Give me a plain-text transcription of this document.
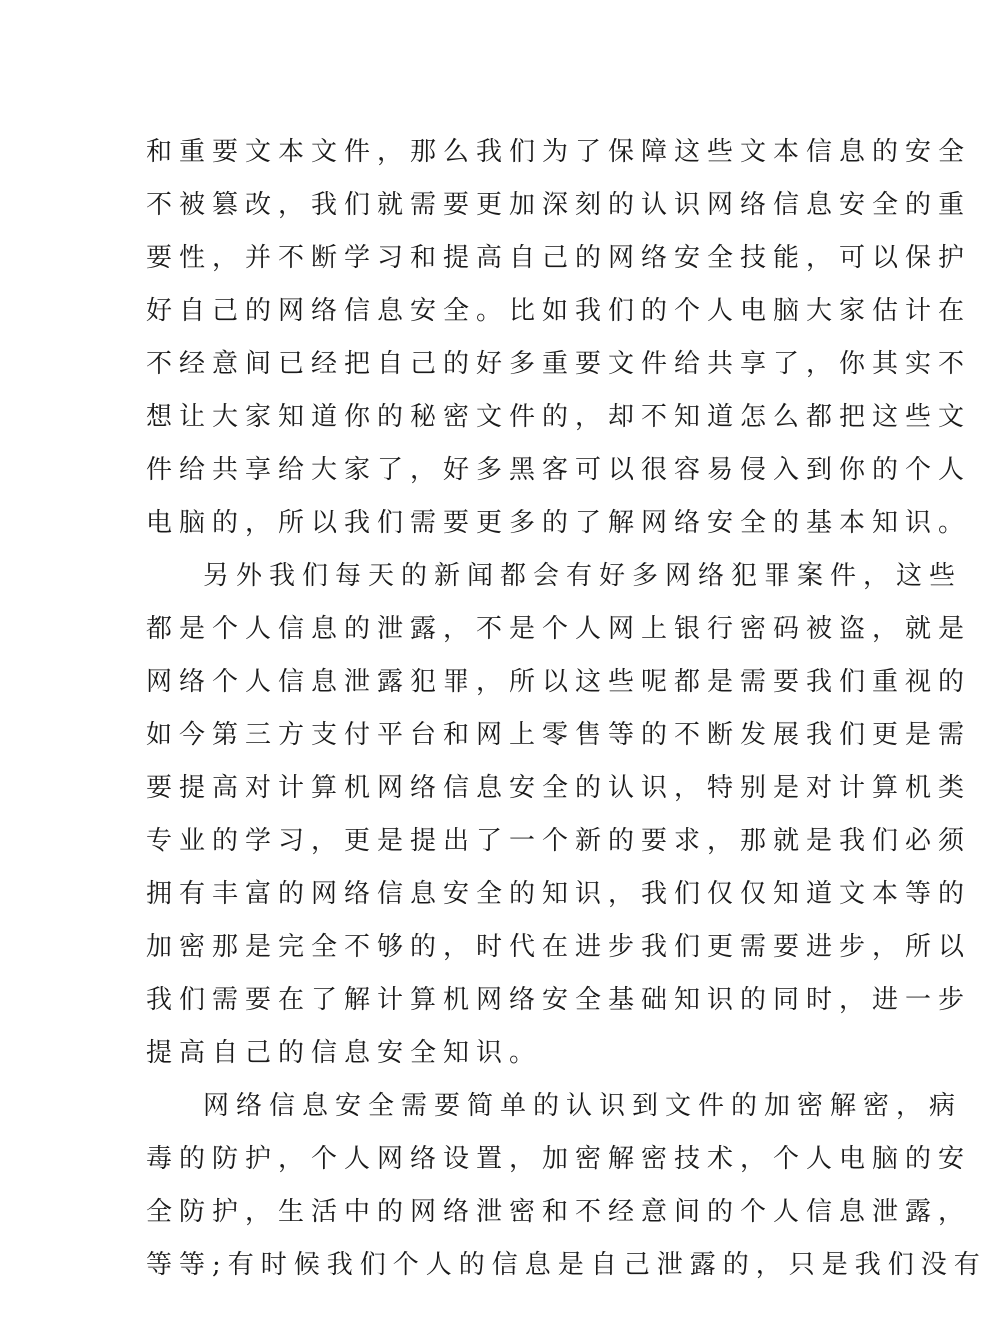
和重要文本文件，那么我们为了保障这些文本信息的安全
不被篡改，我们就需要更加深刻的认识网络信息安全的重
要性，并不断学习和提高自己的网络安全技能，可以保护
好自己的网络信息安全。比如我们的个人电脑大家估计在
不经意间已经把自己的好多重要文件给共享了，你其实不
想让大家知道你的秘密文件的，却不知道怎么都把这些文
件给共享给大家了，好多黑客可以很容易侵入到你的个人
电脑的，所以我们需要更多的了解网络安全的基本知识。
另外我们每天的新闻都会有好多网络犯罪案件，这些
都是个人信息的泄露，不是个人网上银行密码被盗，就是
网络个人信息泄露犯罪，所以这些呢都是需要我们重视的
如今第三方支付平台和网上零售等的不断发展我们更是需
要提高对计算机网络信息安全的认识，特别是对计算机类
专业的学习，更是提出了一个新的要求，那就是我们必须
拥有丰富的网络信息安全的知识，我们仅仅知道文本等的
加密那是完全不够的，时代在进步我们更需要进步，所以
我们需要在了解计算机网络安全基础知识的同时，进一步
提高自己的信息安全知识。
网络信息安全需要简单的认识到文件的加密解密，病
毒的防护，个人网络设置，加密解密技术，个人电脑的安
全防护，生活中的网络泄密和不经意间的个人信息泄露，
等等;有时候我们个人的信息是自己泄露的，只是我们没有
